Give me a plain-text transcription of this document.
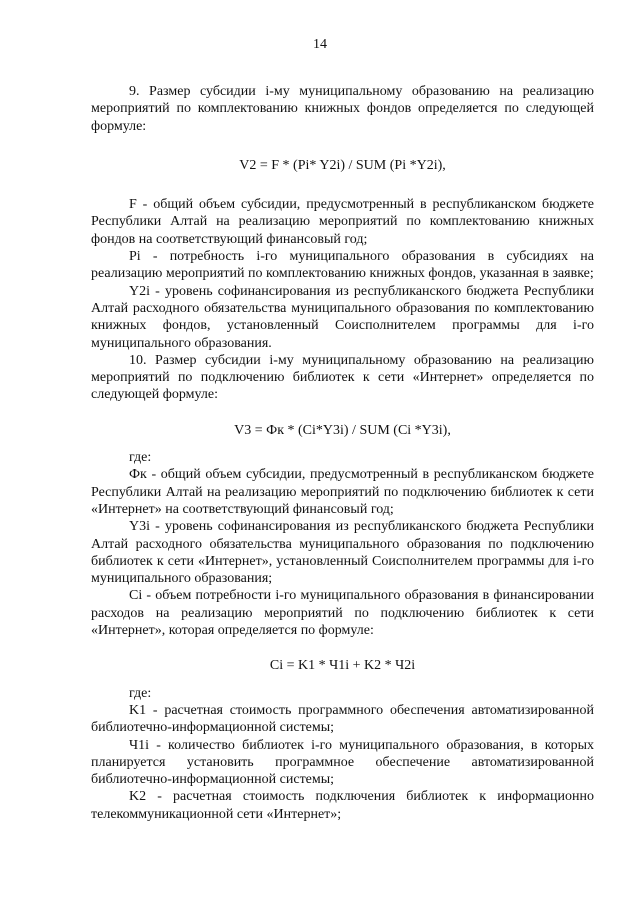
14

9. Размер субсидии i-му муниципальному образованию на реализацию мероприятий по комплектованию книжных фондов определяется по следующей формуле:

V2 = F * (Pi* Y2i) / SUM (Pi *Y2i),

F - общий объем субсидии, предусмотренный в республиканском бюджете Республики Алтай на реализацию мероприятий по комплектованию книжных фондов на соответствующий финансовый год;

Pi - потребность i-го муниципального образования в субсидиях на реализацию мероприятий по комплектованию книжных фондов, указанная в заявке;

Y2i - уровень софинансирования из республиканского бюджета Республики Алтай расходного обязательства муниципального образования по комплектованию книжных фондов, установленный Соисполнителем программы для i-го муниципального образования.

10. Размер субсидии i-му муниципальному образованию на реализацию мероприятий по подключению библиотек к сети «Интернет» определяется по следующей формуле:

V3 = Фк * (Ci*Y3i) / SUM (Ci *Y3i),

где:

Фк - общий объем субсидии, предусмотренный в республиканском бюджете Республики Алтай на реализацию мероприятий по подключению библиотек к сети «Интернет» на соответствующий финансовый год;

Y3i - уровень софинансирования из республиканского бюджета Республики Алтай расходного обязательства муниципального образования по подключению библиотек к сети «Интернет», установленный Соисполнителем программы для i-го муниципального образования;

Ci - объем потребности i-го муниципального образования в финансировании расходов на реализацию мероприятий по подключению библиотек к сети «Интернет», которая определяется по формуле:

Ci = K1 * Ч1i + K2 * Ч2i

где:

K1 - расчетная стоимость программного обеспечения автоматизированной библиотечно-информационной системы;

Ч1i - количество библиотек i-го муниципального образования, в которых планируется установить программное обеспечение автоматизированной библиотечно-информационной системы;

K2 - расчетная стоимость подключения библиотек к информационно телекоммуникационной сети «Интернет»;
